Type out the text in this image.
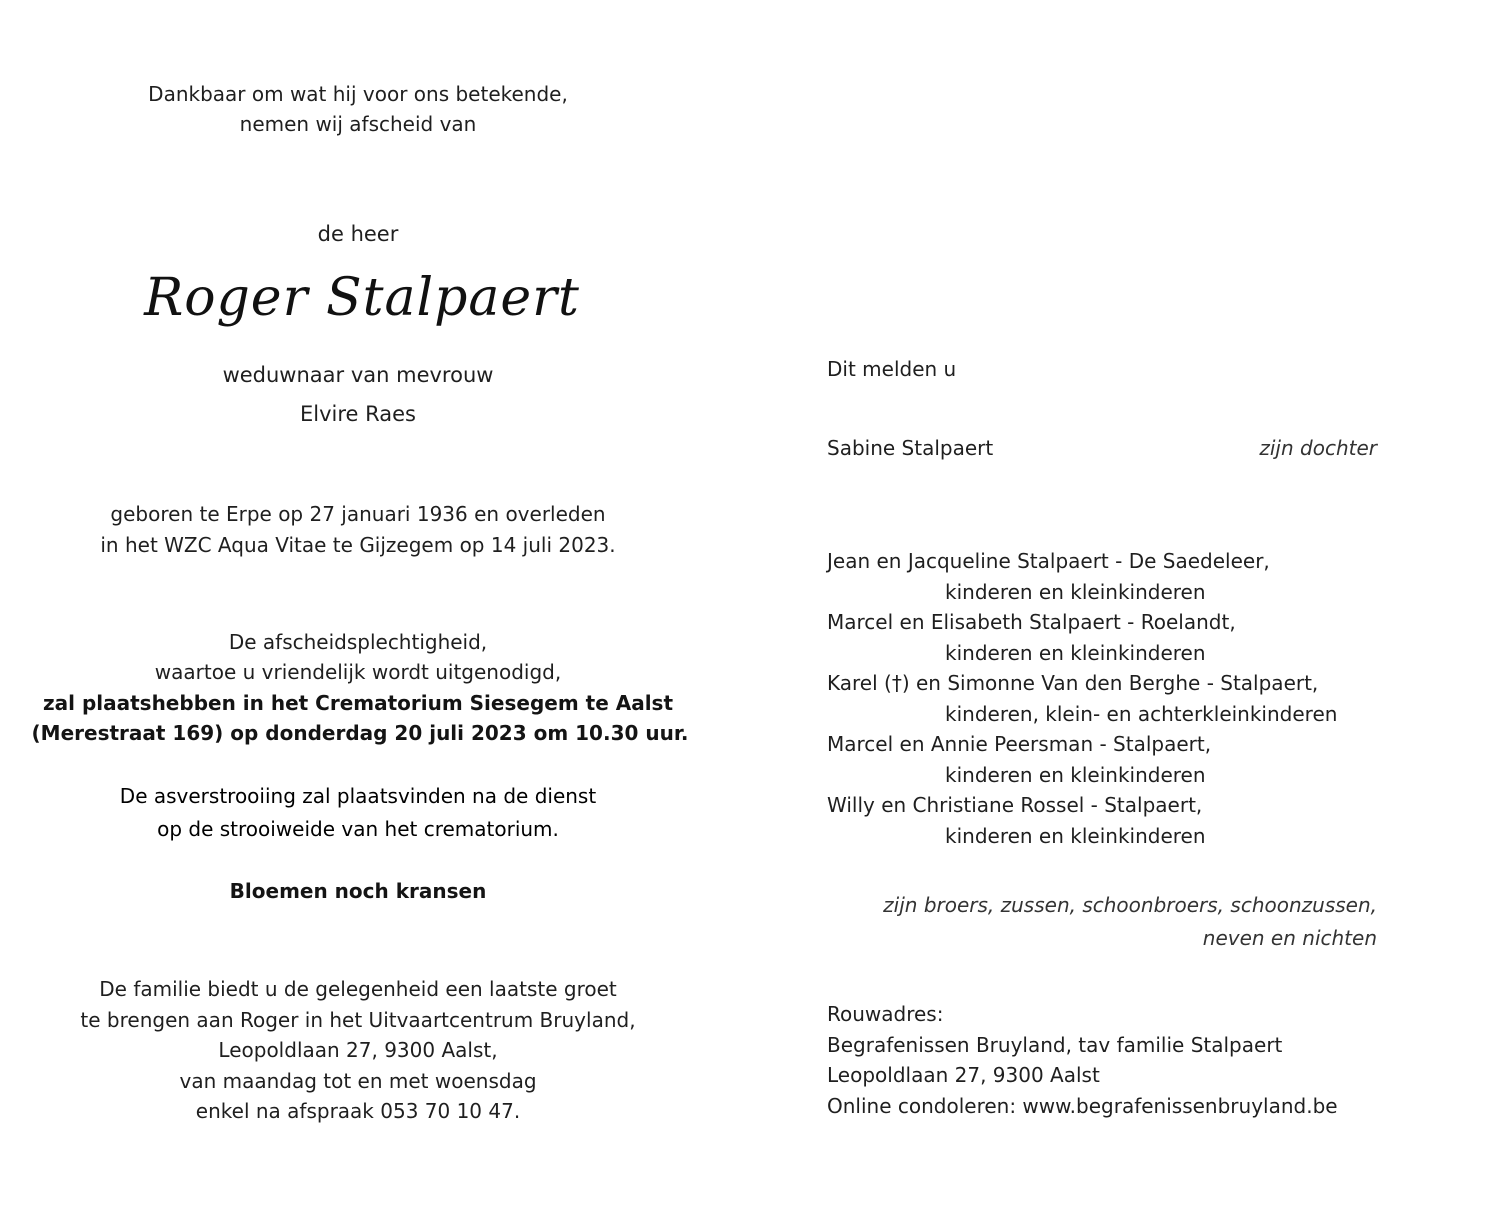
Dankbaar om wat hij voor ons betekende,
nemen wij afscheid van
de heer
Roger Stalpaert
weduwnaar van mevrouw
Elvire Raes
geboren te Erpe op 27 januari 1936 en overleden
in het WZC Aqua Vitae te Gijzegem op 14 juli 2023.
De afscheidsplechtigheid,
waartoe u vriendelijk wordt uitgenodigd,
zal plaatshebben in het Crematorium Siesegem te Aalst
(Merestraat 169) op donderdag 20 juli 2023 om 10.30 uur.
De asverstrooiing zal plaatsvinden na de dienst
op de strooiweide van het crematorium.
Bloemen noch kransen
De familie biedt u de gelegenheid een laatste groet
te brengen aan Roger in het Uitvaartcentrum Bruyland,
Leopoldlaan 27, 9300 Aalst,
van maandag tot en met woensdag
enkel na afspraak 053 70 10 47.
Dit melden u
Sabine Stalpaert	zijn dochter
Jean en Jacqueline Stalpaert - De Saedeleer,
kinderen en kleinkinderen
Marcel en Elisabeth Stalpaert - Roelandt,
kinderen en kleinkinderen
Karel (†) en Simonne Van den Berghe - Stalpaert,
kinderen, klein- en achterkleinkinderen
Marcel en Annie Peersman - Stalpaert,
kinderen en kleinkinderen
Willy en Christiane Rossel - Stalpaert,
kinderen en kleinkinderen
zijn broers, zussen, schoonbroers, schoonzussen,
neven en nichten
Rouwadres:
Begrafenissen Bruyland, tav familie Stalpaert
Leopoldlaan 27, 9300 Aalst
Online condoleren: www.begrafenissenbruyland.be
